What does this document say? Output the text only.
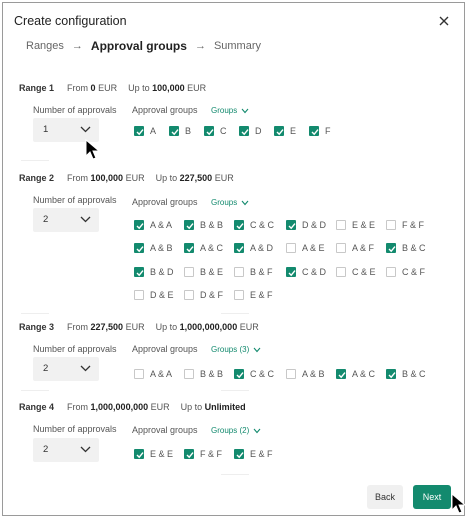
Create configuration
Ranges → Approval groups → Summary
Range 1 From 0 EUR Up to 100,000 EUR
Number of approvals
1
Approval groups Groups
A	B	C	D	E	F
Range 2 From 100,000 EUR Up to 227,500 EUR
Number of approvals
2
Approval groups Groups
A & A	B & B	C & C	D & D	E & E	F & F
A & B	A & C	A & D	A & E	A & F	B & C
B & D	B & E	B & F	C & D	C & E	C & F
D & E	D & F	E & F
Range 3 From 227,500 EUR Up to 1,000,000,000 EUR
Number of approvals
2
Approval groups Groups (3)
A & A	B & B	C & C	A & B	A & C	B & C
Range 4 From 1,000,000,000 EUR Up to Unlimited
Number of approvals
2
Approval groups Groups (2)
E & E	F & F	E & F
Back	Next
